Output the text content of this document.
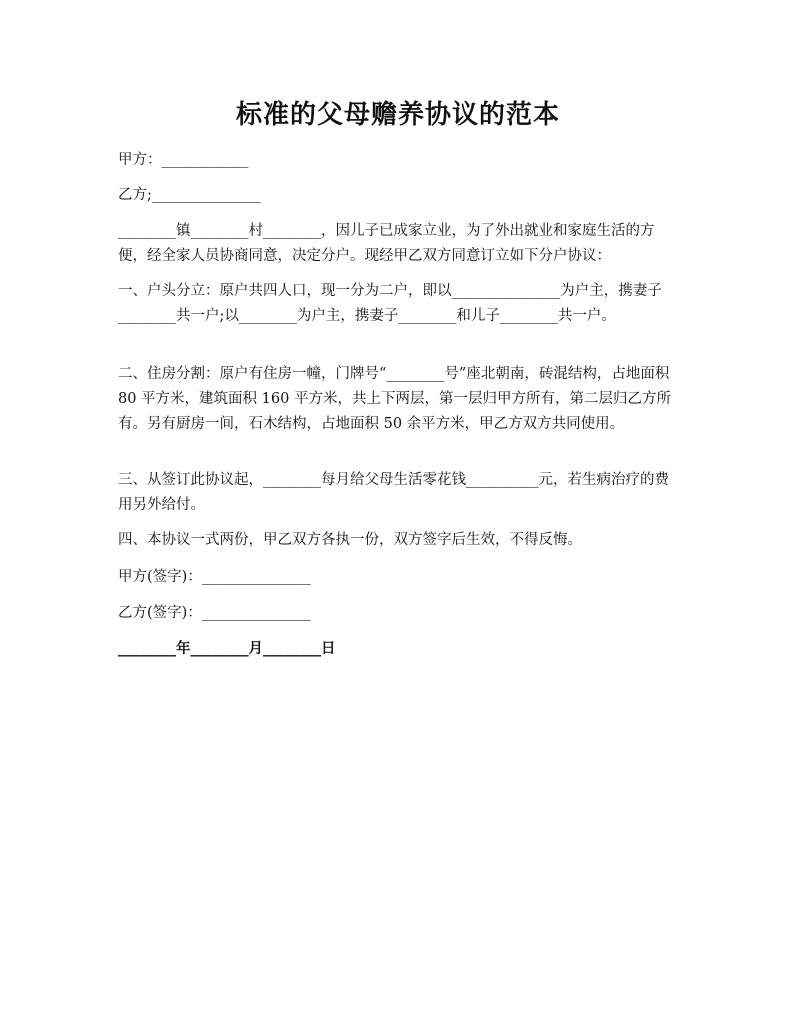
标准的父母赡养协议的范本
甲方：____________
乙方;_______________
________镇________村________，因儿子已成家立业，为了外出就业和家庭生活的方便，经全家人员协商同意，决定分户。现经甲乙双方同意订立如下分户协议：
一、户头分立：原户共四人口，现一分为二户，即以_______________为户主，携妻子________共一户;以________为户主，携妻子________和儿子________共一户。
二、住房分割：原户有住房一幢，门牌号“________号”座北朝南，砖混结构，占地面积 80 平方米，建筑面积 160 平方米，共上下两层，第一层归甲方所有，第二层归乙方所有。另有厨房一间，石木结构，占地面积 50 余平方米，甲乙方双方共同使用。
三、从签订此协议起，________每月给父母生活零花钱__________元，若生病治疗的费用另外给付。
四、本协议一式两份，甲乙双方各执一份，双方签字后生效，不得反悔。
甲方(签字)：_______________
乙方(签字)：_______________
________年________月________日
